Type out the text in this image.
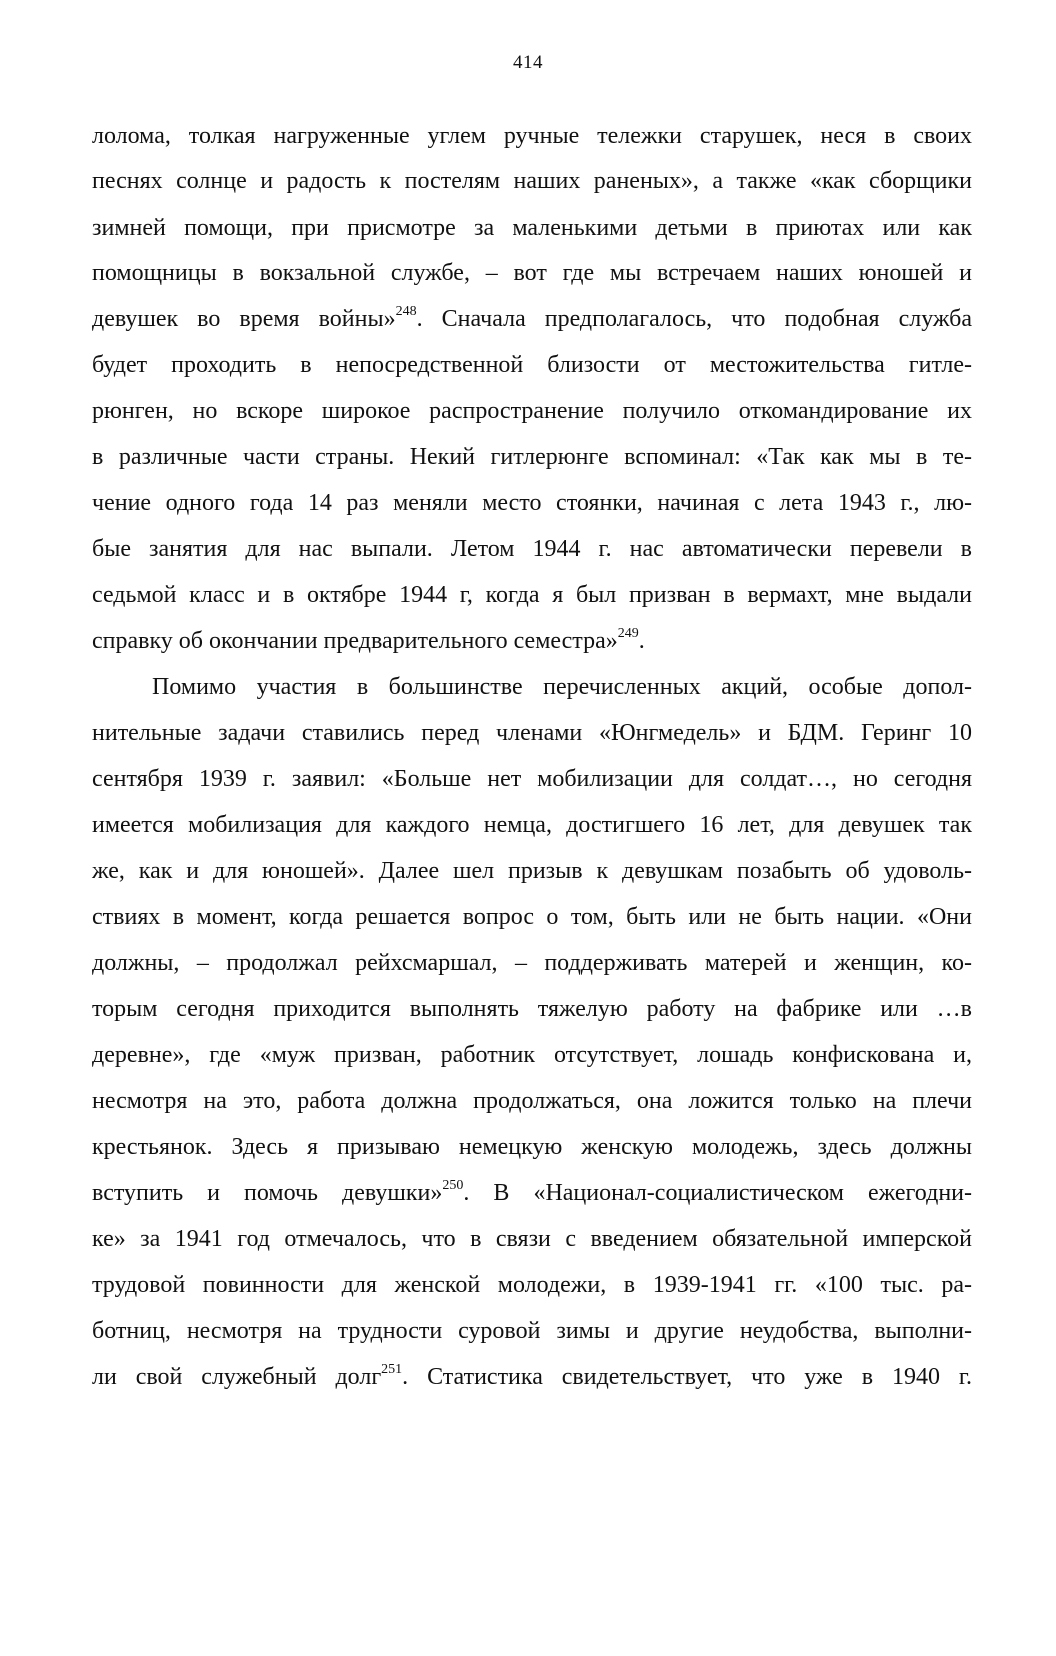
414
лолома, толкая нагруженные углем ручные тележки старушек, неся в своих
песнях солнце и радость к постелям наших раненых», а также «как сборщики
зимней помощи, при присмотре за маленькими детьми в приютах или как
помощницы в вокзальной службе, – вот где мы встречаем наших юношей и
девушек во время войны»$^{248}$. Сначала предполагалось, что подобная служба
будет проходить в непосредственной близости от местожительства гитле-
рюнген, но вскоре широкое распространение получило откомандирование их
в различные части страны. Некий гитлерюнге вспоминал: «Так как мы в те-
чение одного года 14 раз меняли место стоянки, начиная с лета 1943 г., лю-
бые занятия для нас выпали. Летом 1944 г. нас автоматически перевели в
седьмой класс и в октябре 1944 г, когда я был призван в вермахт, мне выдали
справку об окончании предварительного семестра»$^{249}$.
Помимо участия в большинстве перечисленных акций, особые допол-
нительные задачи ставились перед членами «Юнгмедель» и БДМ. Геринг 10
сентября 1939 г. заявил: «Больше нет мобилизации для солдат…, но сегодня
имеется мобилизация для каждого немца, достигшего 16 лет, для девушек так
же, как и для юношей». Далее шел призыв к девушкам позабыть об удоволь-
ствиях в момент, когда решается вопрос о том, быть или не быть нации. «Они
должны, – продолжал рейхсмаршал, – поддерживать матерей и женщин, ко-
торым сегодня приходится выполнять тяжелую работу на фабрике или …в
деревне», где «муж призван, работник отсутствует, лошадь конфискована и,
несмотря на это, работа должна продолжаться, она ложится только на плечи
крестьянок. Здесь я призываю немецкую женскую молодежь, здесь должны
вступить и помочь девушки»$^{250}$. В «Национал-социалистическом ежегодни-
ке» за 1941 год отмечалось, что в связи с введением обязательной имперской
трудовой повинности для женской молодежи, в 1939-1941 гг. «100 тыс. ра-
ботниц, несмотря на трудности суровой зимы и другие неудобства, выполни-
ли свой служебный долг$^{251}$. Статистика свидетельствует, что уже в 1940 г.
